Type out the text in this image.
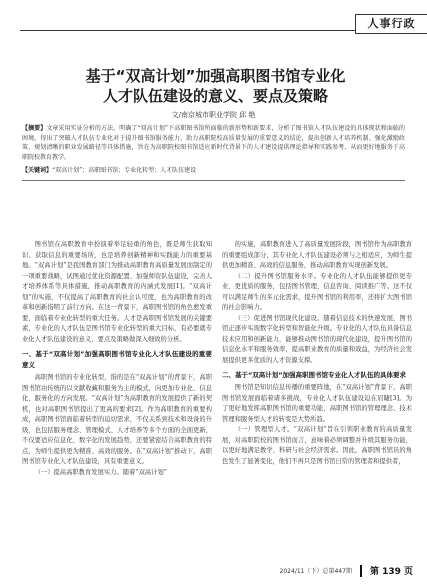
人事行政
基于“双高计划”加强高职图书馆专业化
人才队伍建设的意义、要点及策略
文/南京城市职业学院 邱 艳
【摘要】文章采用实证分析的方法，明确了“双高计划”下高职图书馆所面临的新形势和新要求，分析了图书馆人才队伍建设的具体现状和面临的困境，得出了突破人才队伍专业化对于提升图书馆服务能力、助力高职院校高质量发展的重要意义的结论，提出创新人才培养机制、强化激励政策、规划清晰的职业发展路径等具体措施，旨在为高职院校图书馆适应新时代背景下的人才建设提供理论指导和实践参考，从而更好地服务于高职院校教育教学。
【关键词】“双高计划”；高职图书馆；专业化转型；人才队伍建设

图书馆在高职教育中扮演着举足轻重的角色，既是师生获取知识、获取信息的重要场所，也是培养创新精神和实践能力的重要基地。“双高计划”是我国教育部门为推动高职教育高质量发展而制定的一项重要战略，试图通过优化资源配置、加强师资队伍建设，完善人才培养体系等具体措施，推动高职教育的内涵式发展[1]。“双高计划”的实施，不仅提高了高职教育的社会认可度，也为高职教育的改革和创新指明了前行方向。在这一背景下，高职图书馆的角色愈发重要，面临着专业化转型的重大任务。人才是高职图书馆发展的关键要素，专业化的人才队伍是图书馆专业化转型的重大目标，有必要就专业化人才队伍建设的意义、要点及策略做深入细致的分析。

一、基于“双高计划”加强高职图书馆专业化人才队伍建设的重要意义

高职图书馆的专业化转型，指的是在“双高计划”的背景下，高职图书馆由传统的以文献收藏和服务为主的模式，向更加专业化、信息化、服务化的方向发展。“双高计划”为高职教育的发展提供了新的契机，也对高职图书馆提出了更高的要求[2]。作为高职教育的重要构成，高职图书馆面临着转型的迫切需求，不仅关系到技术和设备的升级，也包括服务理念、管理模式、人才培养等多个方面的全面更新，不仅要适应信息化、数字化的发展趋势，还要紧密结合高职教育的特点，为师生提供更为精准、高效的服务。在“双高计划”推动下，高职图书馆专业化人才队伍建设，具有重要意义。

（一）提高高职教育发展实力。随着“双高计划”

的实施，高职教育进入了高质量发展阶段，图书馆作为高职教育的重要组成部分，其专业化人才队伍建设必须与之相适应，为师生提供更加精准、高效的信息服务，推动高职教育实现创新发展。

（二）提升图书馆服务水平。专业化的人才队伍能够提供更专业、更优质的服务，包括图书管理、信息咨询、阅读推广等。这不仅可以满足师生的多元化需求，提升图书馆的利用率，还将扩大图书馆的社会影响力。

（三）促进图书馆现代化建设。随着信息技术的快速发展，图书馆正逐步实现数字化转型和智能化升级。专业化的人才队伍具备信息技术应用和创新能力，能够推动图书馆的现代化建设，提升图书馆的信息化水平和服务效率，提高职业教育的质量和效益，为经济社会发展提供更多优质的人才资源支撑。

二、基于“双高计划”加强高职图书馆专业化人才队伍的具体要求

图书馆是知识信息传播的重要阵地，在“双高计划”背景下，高职图书馆发展面临着诸多挑战，专业化人才队伍建设迫在眉睫[3]。为了更好地发挥高职图书馆的重要功能，高职图书馆的管理理念、技术管理和服务型人才的转变是大势所趋。

（一）管理型人才。“双高计划”旨在引领职业教育的高质量发展，对高职院校的图书馆而言，意味着必须调整并升级其服务功能，以更好地满足教学、科研与社会经济需求。因此，高职图书馆员的角色发生了显著变化，他们不再只是图书馆日常的管理者和提供者，

2024/11（下）总第447期 第 139 页
